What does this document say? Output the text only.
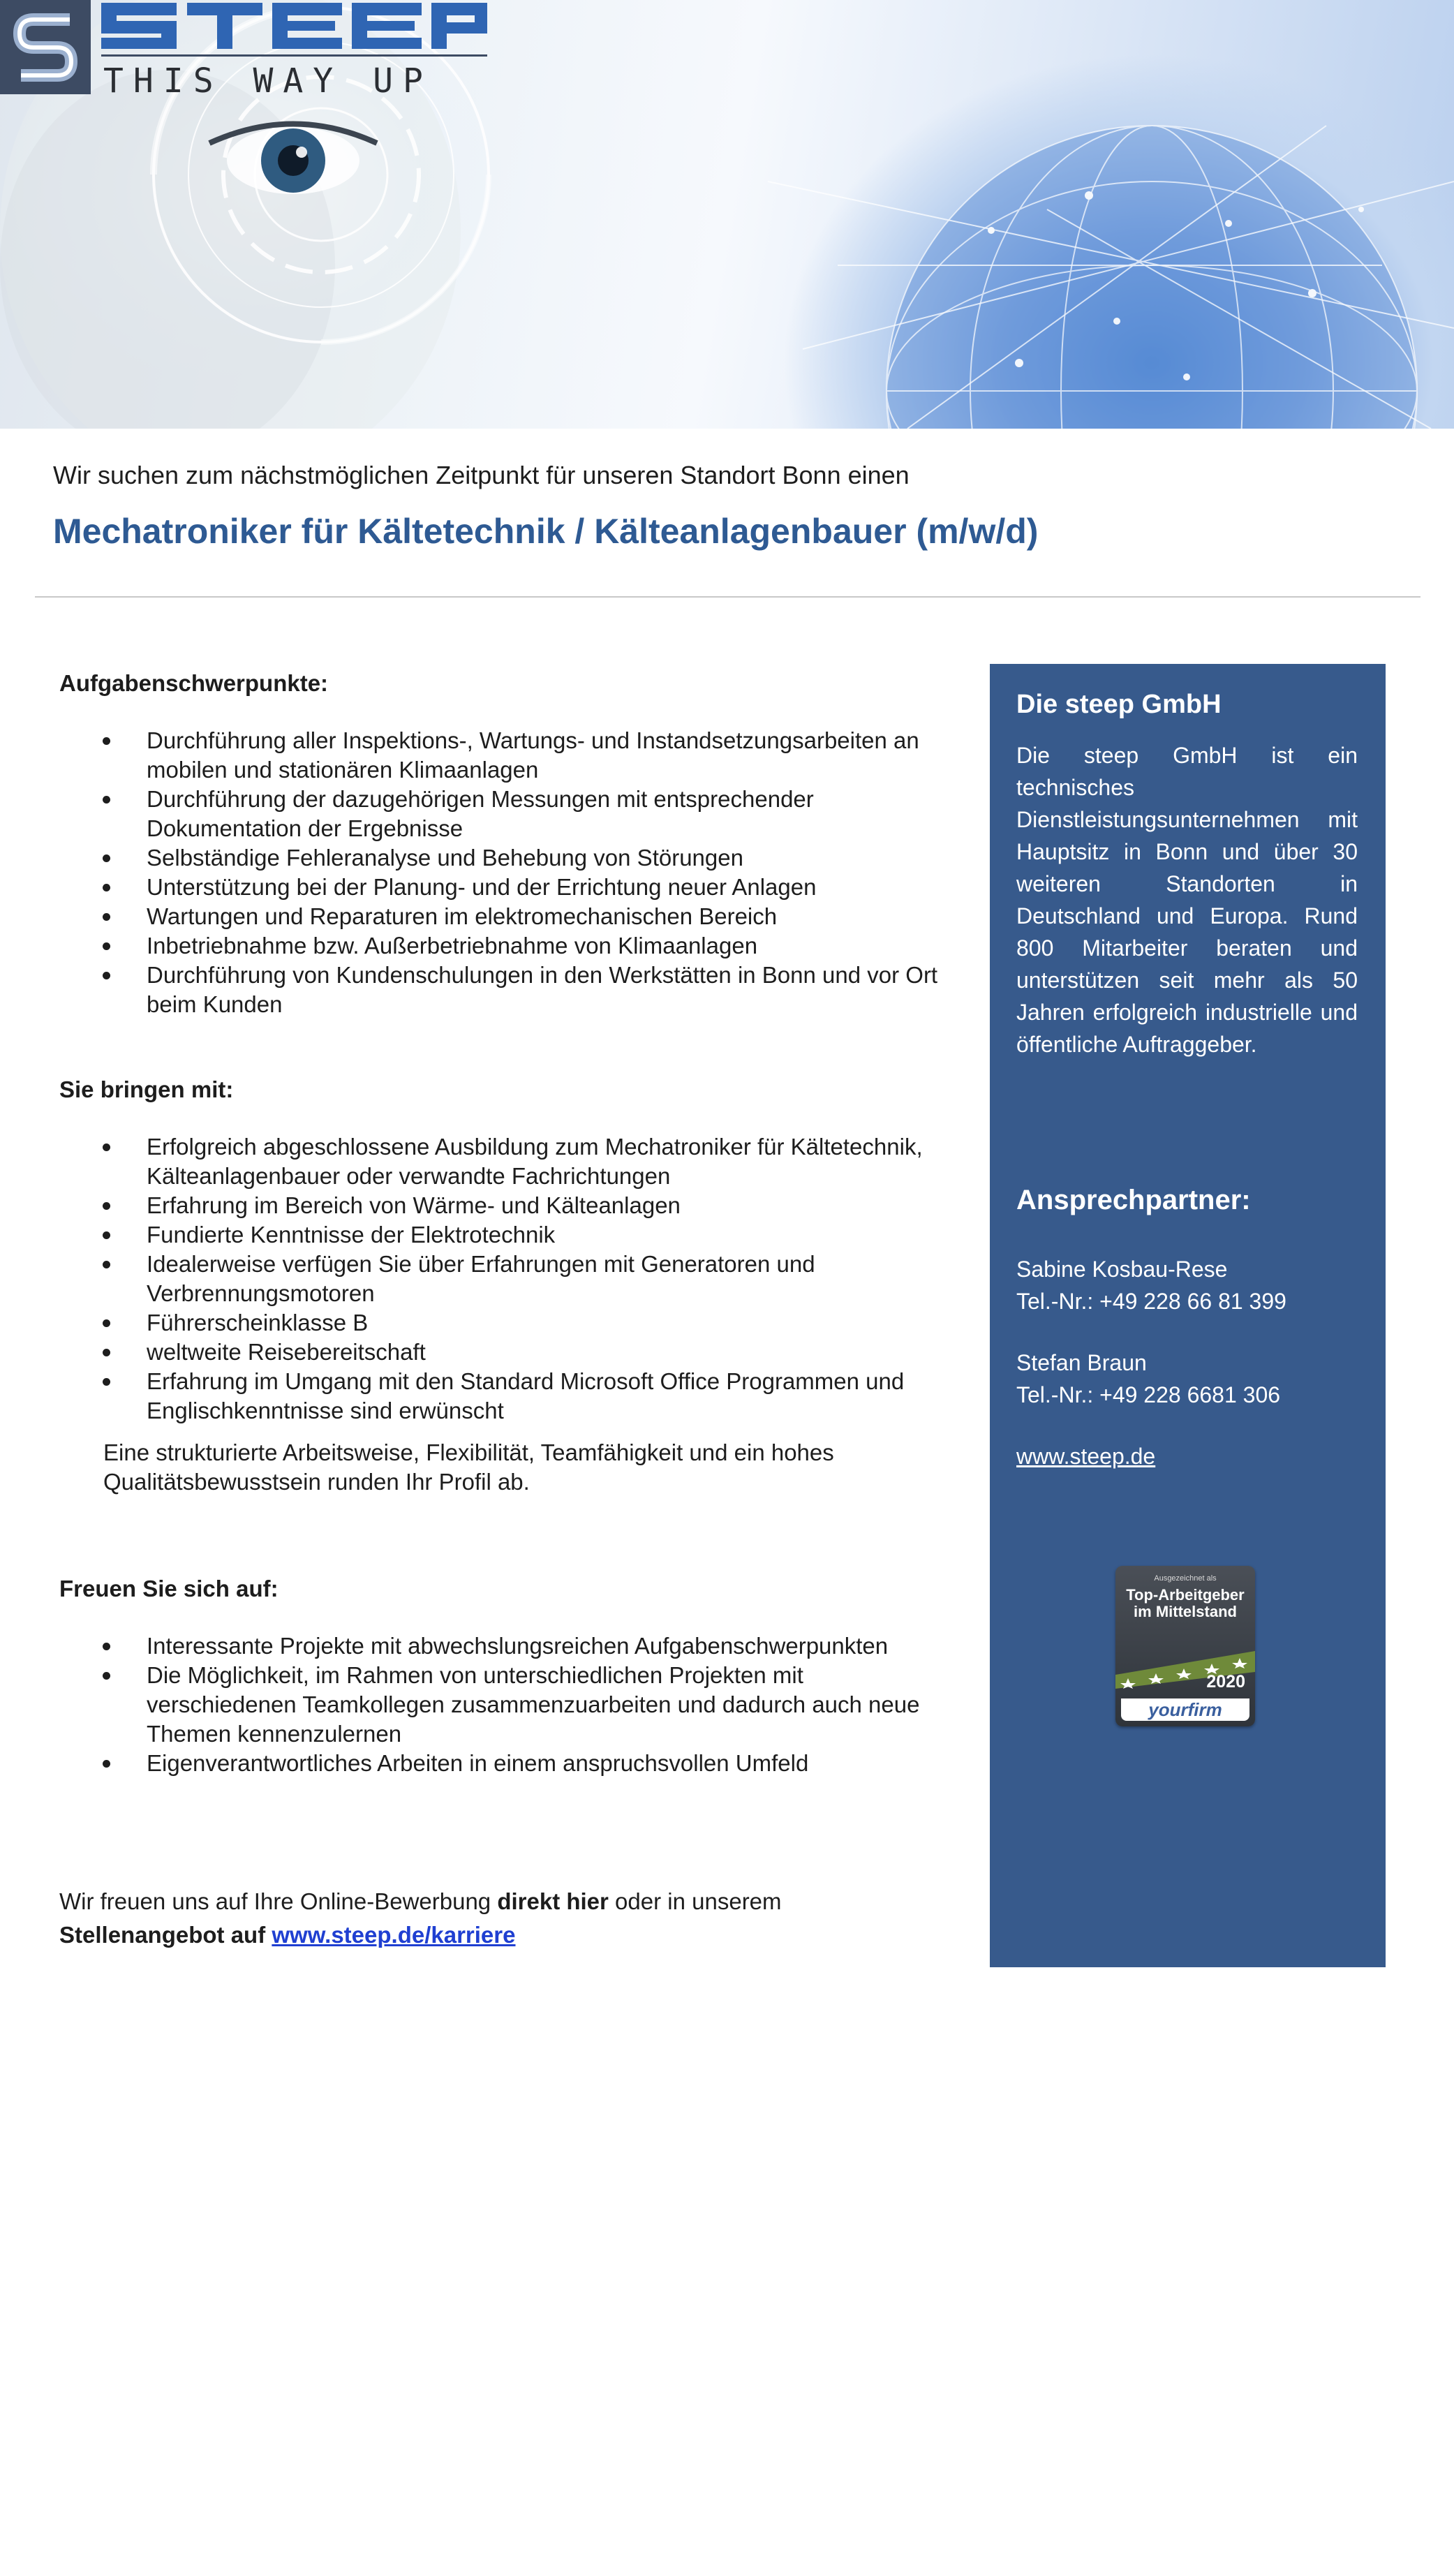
THIS WAY UP
Wir suchen zum nächstmöglichen Zeitpunkt für unseren Standort Bonn einen
Mechatroniker für Kältetechnik / Kälteanlagenbauer (m/w/d)
Aufgabenschwerpunkte:
Durchführung aller Inspektions-, Wartungs- und Instandsetzungsarbeiten an mobilen und stationären Klimaanlagen
Durchführung der dazugehörigen Messungen mit entsprechender Dokumentation der Ergebnisse
Selbständige Fehleranalyse und Behebung von Störungen
Unterstützung bei der Planung- und der Errichtung neuer Anlagen
Wartungen und Reparaturen im elektromechanischen Bereich
Inbetriebnahme bzw. Außerbetriebnahme von Klimaanlagen
Durchführung von Kundenschulungen in den Werkstätten in Bonn und vor Ort beim Kunden
Sie bringen mit:
Erfolgreich abgeschlossene Ausbildung zum Mechatroniker für Kältetechnik, Kälteanlagenbauer oder verwandte Fachrichtungen
Erfahrung im Bereich von Wärme- und Kälteanlagen
Fundierte Kenntnisse der Elektrotechnik
Idealerweise verfügen Sie über Erfahrungen mit Generatoren und Verbrennungsmotoren
Führerscheinklasse B
weltweite Reisebereitschaft
Erfahrung im Umgang mit den Standard Microsoft Office Programmen und Englischkenntnisse sind erwünscht
Eine strukturierte Arbeitsweise, Flexibilität, Teamfähigkeit und ein hohes Qualitätsbewusstsein runden Ihr Profil ab.
Freuen Sie sich auf:
Interessante Projekte mit abwechslungsreichen Aufgabenschwerpunkten
Die Möglichkeit, im Rahmen von unterschiedlichen Projekten mit verschiedenen Teamkollegen zusammenzuarbeiten und dadurch auch neue Themen kennenzulernen
Eigenverantwortliches Arbeiten in einem anspruchsvollen Umfeld
Wir freuen uns auf Ihre Online-Bewerbung direkt hier oder in unserem Stellenangebot auf www.steep.de/karriere
Die steep GmbH
Die steep GmbH ist ein technisches Dienstleistungsunternehmen mit Hauptsitz in Bonn und über 30 weiteren Standorten in Deutschland und Europa. Rund 800 Mitarbeiter beraten und unterstützen seit mehr als 50 Jahren erfolgreich industrielle und öffentliche Auftraggeber.
Ansprechpartner:
Sabine Kosbau-Rese
Tel.-Nr.: +49 228 66 81 399
Stefan Braun
Tel.-Nr.: +49 228 6681 306
www.steep.de
Ausgezeichnet als
Top-Arbeitgeber
im Mittelstand
2020
yourfirm
Unsere Datenschutzerklärung
